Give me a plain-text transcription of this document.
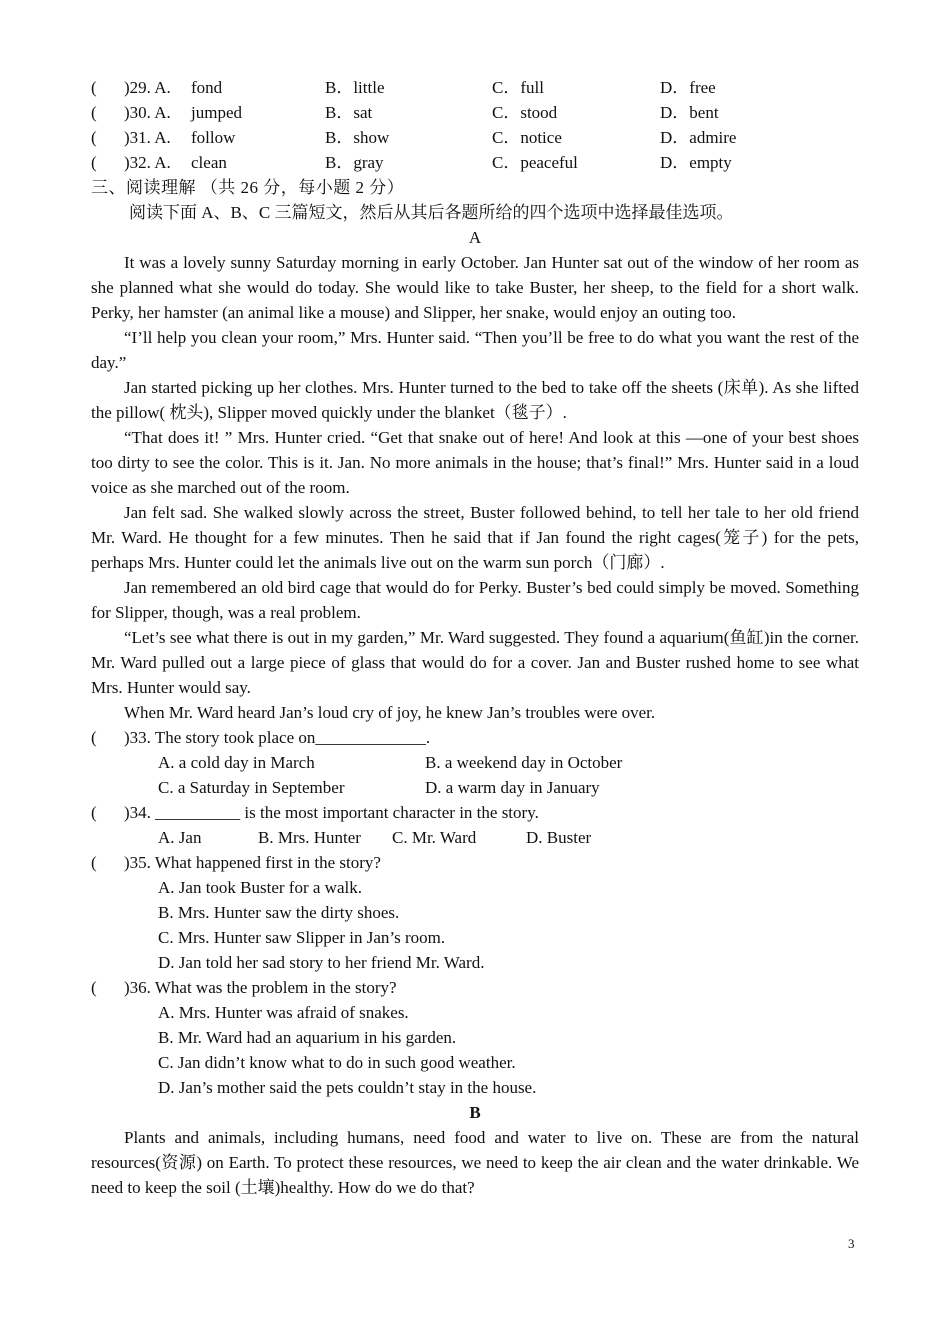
( )29. A. fond	B．little	C．full	D．free
( )30. A. jumped	B．sat	C．stood	D．bent
( )31. A. follow	B．show	C．notice	D．admire
( )32. A. clean	B．gray	C．peaceful	D．empty
三、阅读理解 （共 26 分，每小题 2 分）
阅读下面 A、B、C 三篇短文，然后从其后各题所给的四个选项中选择最佳选项。
A

It was a lovely sunny Saturday morning in early October. Jan Hunter sat out of the window of her room as she planned what she would do today. She would like to take Buster, her sheep, to the field for a short walk. Perky, her hamster (an animal like a mouse) and Slipper, her snake, would enjoy an outing too.

“I’ll help you clean your room,” Mrs. Hunter said. “Then you’ll be free to do what you want the rest of the day.”

Jan started picking up her clothes. Mrs. Hunter turned to the bed to take off the sheets (床单). As she lifted the pillow( 枕头), Slipper moved quickly under the blanket（毯子）.

“That does it! ” Mrs. Hunter cried. “Get that snake out of here! And look at this —one of your best shoes too dirty to see the color. This is it. Jan. No more animals in the house; that’s final!” Mrs. Hunter said in a loud voice as she marched out of the room.

Jan felt sad. She walked slowly across the street, Buster followed behind, to tell her tale to her old friend Mr. Ward. He thought for a few minutes. Then he said that if Jan found the right cages(笼子) for the pets, perhaps Mrs. Hunter could let the animals live out on the warm sun porch（门廊）.

Jan remembered an old bird cage that would do for Perky. Buster’s bed could simply be moved. Something for Slipper, though, was a real problem.

“Let’s see what there is out in my garden,” Mr. Ward suggested. They found a aquarium(鱼缸)in the corner. Mr. Ward pulled out a large piece of glass that would do for a cover. Jan and Buster rushed home to see what Mrs. Hunter would say.

When Mr. Ward heard Jan’s loud cry of joy, he knew Jan’s troubles were over.

( )33. The story took place on_____________.
A. a cold day in March	B. a weekend day in October
C. a Saturday in September	D. a warm day in January
( )34. __________ is the most important character in the story.
A. Jan	B. Mrs. Hunter C. Mr. Ward	D. Buster
( )35. What happened first in the story?
A. Jan took Buster for a walk.
B. Mrs. Hunter saw the dirty shoes.
C. Mrs. Hunter saw Slipper in Jan’s room.
D. Jan told her sad story to her friend Mr. Ward.
( )36. What was the problem in the story?
A. Mrs. Hunter was afraid of snakes.
B. Mr. Ward had an aquarium in his garden.
C. Jan didn’t know what to do in such good weather.
D. Jan’s mother said the pets couldn’t stay in the house.
B

Plants and animals, including humans, need food and water to live on. These are from the natural resources(资源) on Earth. To protect these resources, we need to keep the air clean and the water drinkable. We need to keep the soil (土壤)healthy. How do we do that?

3
